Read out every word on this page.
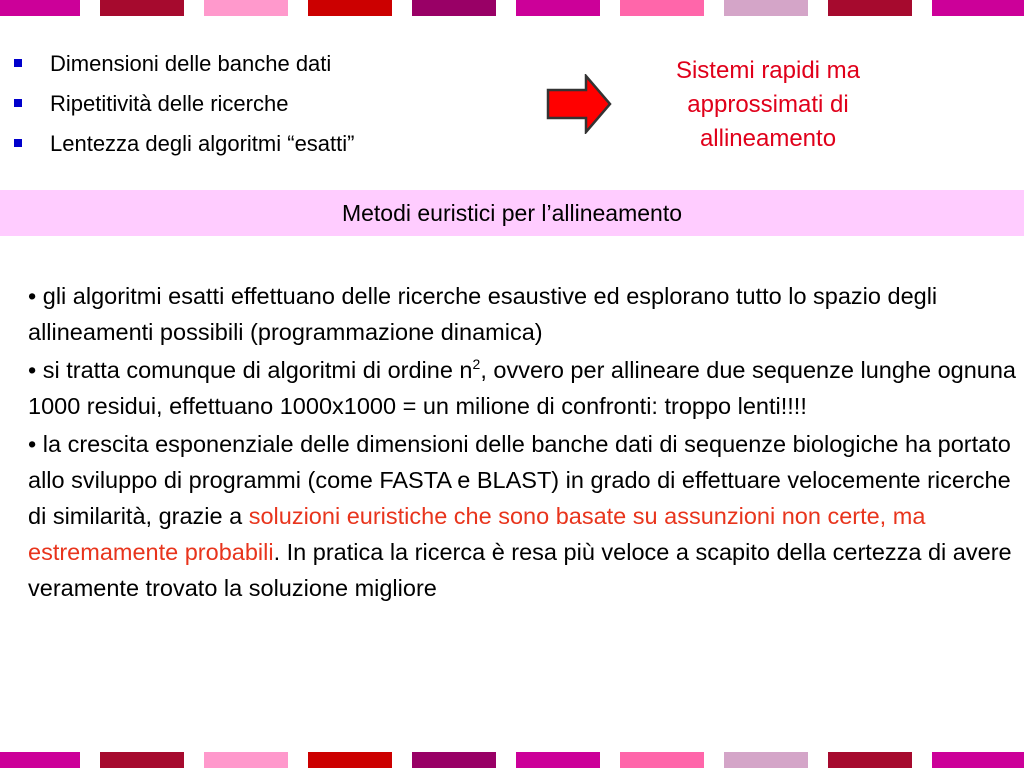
Dimensioni delle banche dati
Ripetitività delle ricerche
Lentezza degli algoritmi “esatti”
Sistemi rapidi ma
approssimati di
allineamento
Metodi euristici per l’allineamento

• gli algoritmi esatti effettuano delle ricerche esaustive ed esplorano tutto lo spazio degli allineamenti possibili (programmazione dinamica)

• si tratta comunque di algoritmi di ordine $n^2$, ovvero per allineare due sequenze lunghe ognuna 1000 residui, effettuano 1000x1000 = un milione di confronti: troppo lenti!!!!

• la crescita esponenziale delle dimensioni delle banche dati di sequenze biologiche ha portato allo sviluppo di programmi (come FASTA e BLAST) in grado di effettuare velocemente ricerche di similarità, grazie a soluzioni euristiche che sono basate su assunzioni non certe, ma estremamente probabili. In pratica la ricerca è resa più veloce a scapito della certezza di avere veramente trovato la soluzione migliore
